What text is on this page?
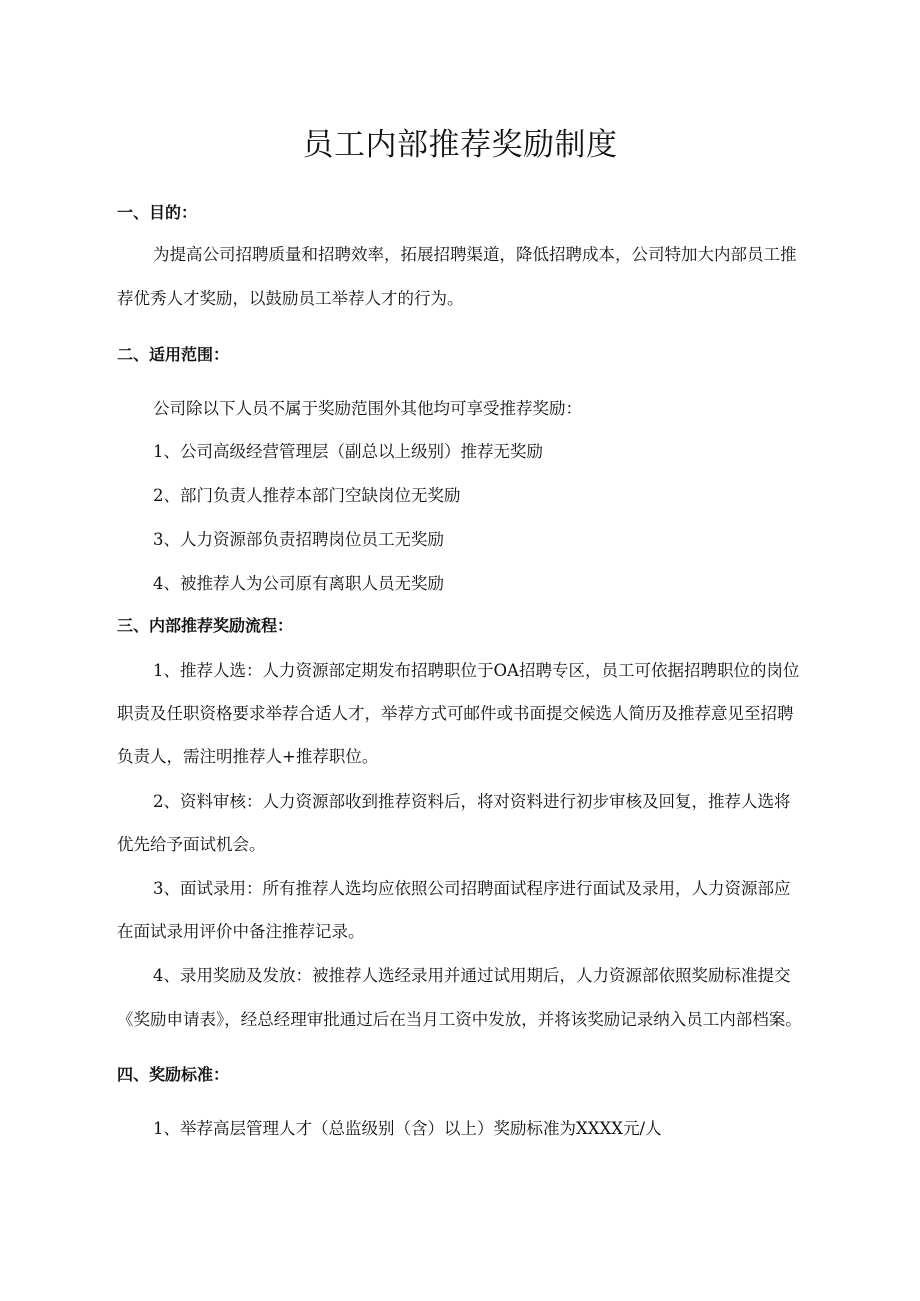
员工内部推荐奖励制度
一、目的：
为提高公司招聘质量和招聘效率，拓展招聘渠道，降低招聘成本，公司特加大内部员工推
荐优秀人才奖励，以鼓励员工举荐人才的行为。
二、适用范围：
公司除以下人员不属于奖励范围外其他均可享受推荐奖励：
1、公司高级经营管理层（副总以上级别）推荐无奖励
2、部门负责人推荐本部门空缺岗位无奖励
3、人力资源部负责招聘岗位员工无奖励
4、被推荐人为公司原有离职人员无奖励
三、内部推荐奖励流程：
1、推荐人选：人力资源部定期发布招聘职位于OA招聘专区，员工可依据招聘职位的岗位
职责及任职资格要求举荐合适人才，举荐方式可邮件或书面提交候选人简历及推荐意见至招聘
负责人，需注明推荐人+推荐职位。
2、资料审核：人力资源部收到推荐资料后，将对资料进行初步审核及回复，推荐人选将
优先给予面试机会。
3、面试录用：所有推荐人选均应依照公司招聘面试程序进行面试及录用，人力资源部应
在面试录用评价中备注推荐记录。
4、录用奖励及发放：被推荐人选经录用并通过试用期后，人力资源部依照奖励标准提交
《奖励申请表》，经总经理审批通过后在当月工资中发放，并将该奖励记录纳入员工内部档案。
四、奖励标准：
1、举荐高层管理人才（总监级别（含）以上）奖励标准为XXXX元/人
